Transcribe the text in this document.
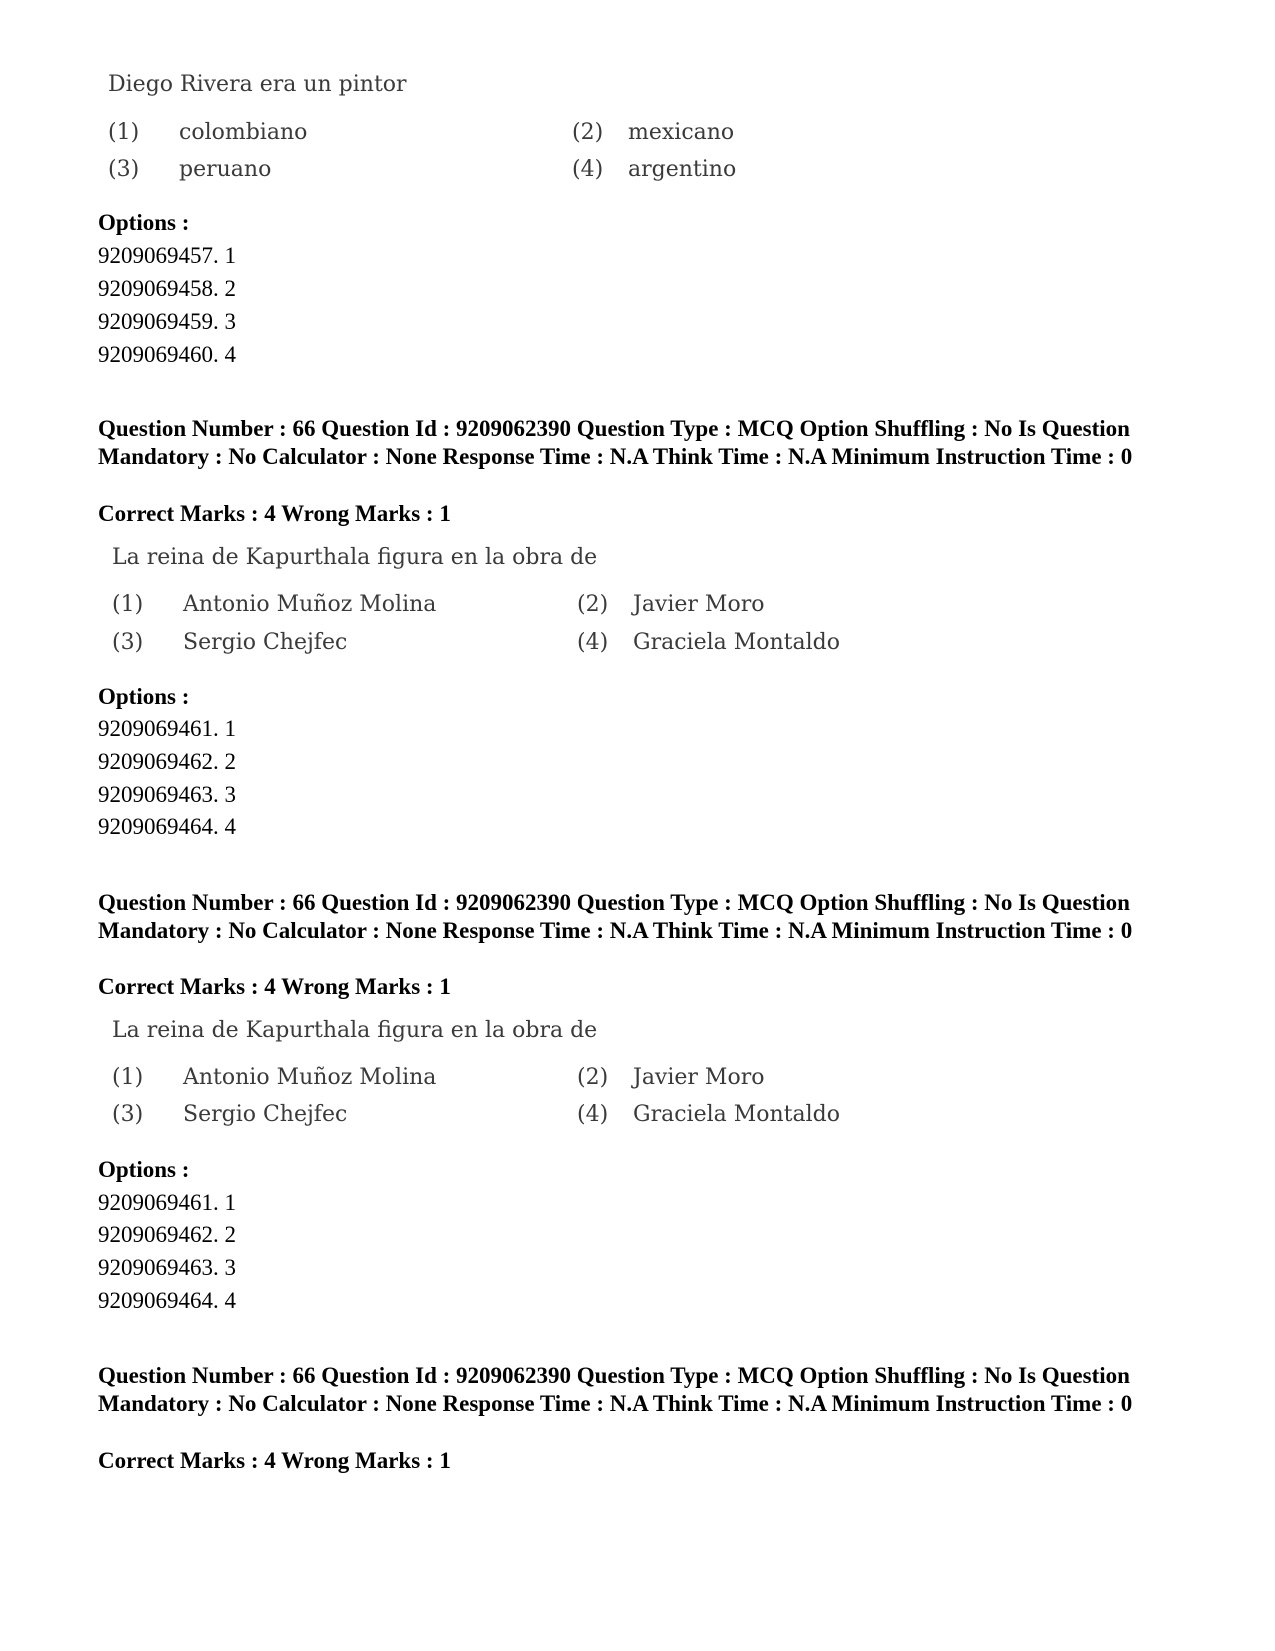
Diego Rivera era un pintor
(1) colombiano	(2) mexicano
(3) peruano	(4) argentino
Options :
9209069457. 1
9209069458. 2
9209069459. 3
9209069460. 4
Question Number : 66 Question Id : 9209062390 Question Type : MCQ Option Shuffling : No Is Question Mandatory : No Calculator : None Response Time : N.A Think Time : N.A Minimum Instruction Time : 0
Correct Marks : 4 Wrong Marks : 1
La reina de Kapurthala figura en la obra de
(1) Antonio Muñoz Molina	(2) Javier Moro
(3) Sergio Chejfec	(4) Graciela Montaldo
Options :
9209069461. 1
9209069462. 2
9209069463. 3
9209069464. 4
Question Number : 66 Question Id : 9209062390 Question Type : MCQ Option Shuffling : No Is Question Mandatory : No Calculator : None Response Time : N.A Think Time : N.A Minimum Instruction Time : 0
Correct Marks : 4 Wrong Marks : 1
La reina de Kapurthala figura en la obra de
(1) Antonio Muñoz Molina	(2) Javier Moro
(3) Sergio Chejfec	(4) Graciela Montaldo
Options :
9209069461. 1
9209069462. 2
9209069463. 3
9209069464. 4
Question Number : 66 Question Id : 9209062390 Question Type : MCQ Option Shuffling : No Is Question Mandatory : No Calculator : None Response Time : N.A Think Time : N.A Minimum Instruction Time : 0
Correct Marks : 4 Wrong Marks : 1
